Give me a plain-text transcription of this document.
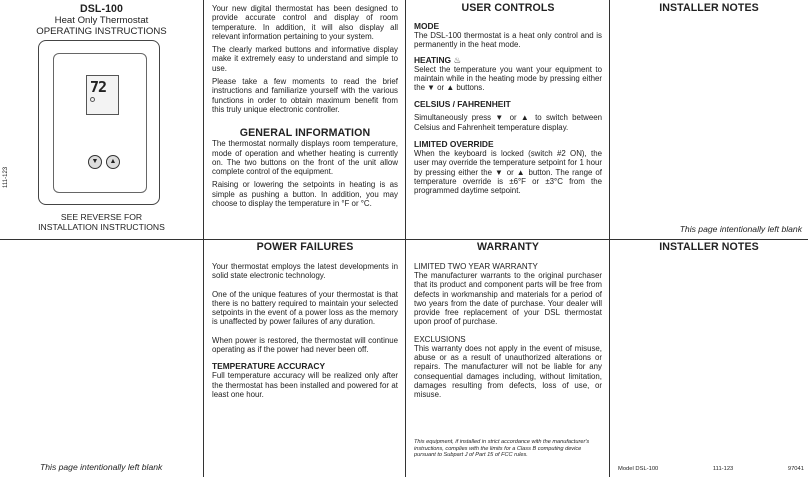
DSL-100
Heat Only Thermostat
OPERATING INSTRUCTIONS
72
▼	▲
111-123
SEE REVERSE FOR
INSTALLATION INSTRUCTIONS

Your new digital thermostat has been designed to provide accurate control and display of room temperature. In addition, it will also display all relevant information pertaining to your system.

The clearly marked buttons and informative display make it extremely easy to understand and simple to use.

Please take a few moments to read the brief instructions and familiarize yourself with the various functions in order to obtain maximum benefit from this truly unique electronic controller.

GENERAL INFORMATION

The thermostat normally displays room temperature, mode of operation and whether heating is currently on. The two buttons on the front of the unit allow complete control of the equipment.

Raising or lowering the setpoints in heating is as simple as pushing a button. In addition, you may choose to display the temperature in °F or °C.

USER CONTROLS
MODE

The DSL-100 thermostat is a heat only control and is permanently in the heat mode.

HEATING ♨

Select the temperature you want your equipment to maintain while in the heating mode by pressing either the ▼ or ▲ buttons.

CELSIUS / FAHRENHEIT

Simultaneously press ▼ or ▲ to switch between Celsius and Fahrenheit temperature display.

LIMITED OVERRIDE

When the keyboard is locked (switch #2 ON), the user may override the temperature setpoint for 1 hour by pressing either the ▼ or ▲ button. The range of temperature override is ±6°F or ±3°C from the programmed daytime setpoint.

INSTALLER NOTES
This page intentionally left blank
This page intentionally left blank
POWER FAILURES

Your thermostat employs the latest developments in solid state electronic technology.

One of the unique features of your thermostat is that there is no battery required to maintain your selected setpoints in the event of a power loss as the memory is unaffected by power failures of any duration.

When power is restored, the thermostat will continue operating as if the power had never been off.

TEMPERATURE ACCURACY

Full temperature accuracy will be realized only after the thermostat has been installed and powered for at least one hour.

WARRANTY
LIMITED TWO YEAR WARRANTY

The manufacturer warrants to the original purchaser that its product and component parts will be free from defects in workmanship and materials for a period of two years from the date of purchase. Your dealer will provide free replacement of your DSL thermostat upon proof of purchase.

EXCLUSIONS

This warranty does not apply in the event of misuse, abuse or as a result of unauthorized alterations or repairs. The manufacturer will not be liable for any consequential damages including, without limitation, damages resulting from defects, loss of use, or misuse.

This equipment, if installed in strict accordance with the manufacturer's instructions, complies with the limits for a Class B computing device pursuant to Subpart J of Part 15 of FCC rules.
INSTALLER NOTES
Model DSL-100	111-123	97041
